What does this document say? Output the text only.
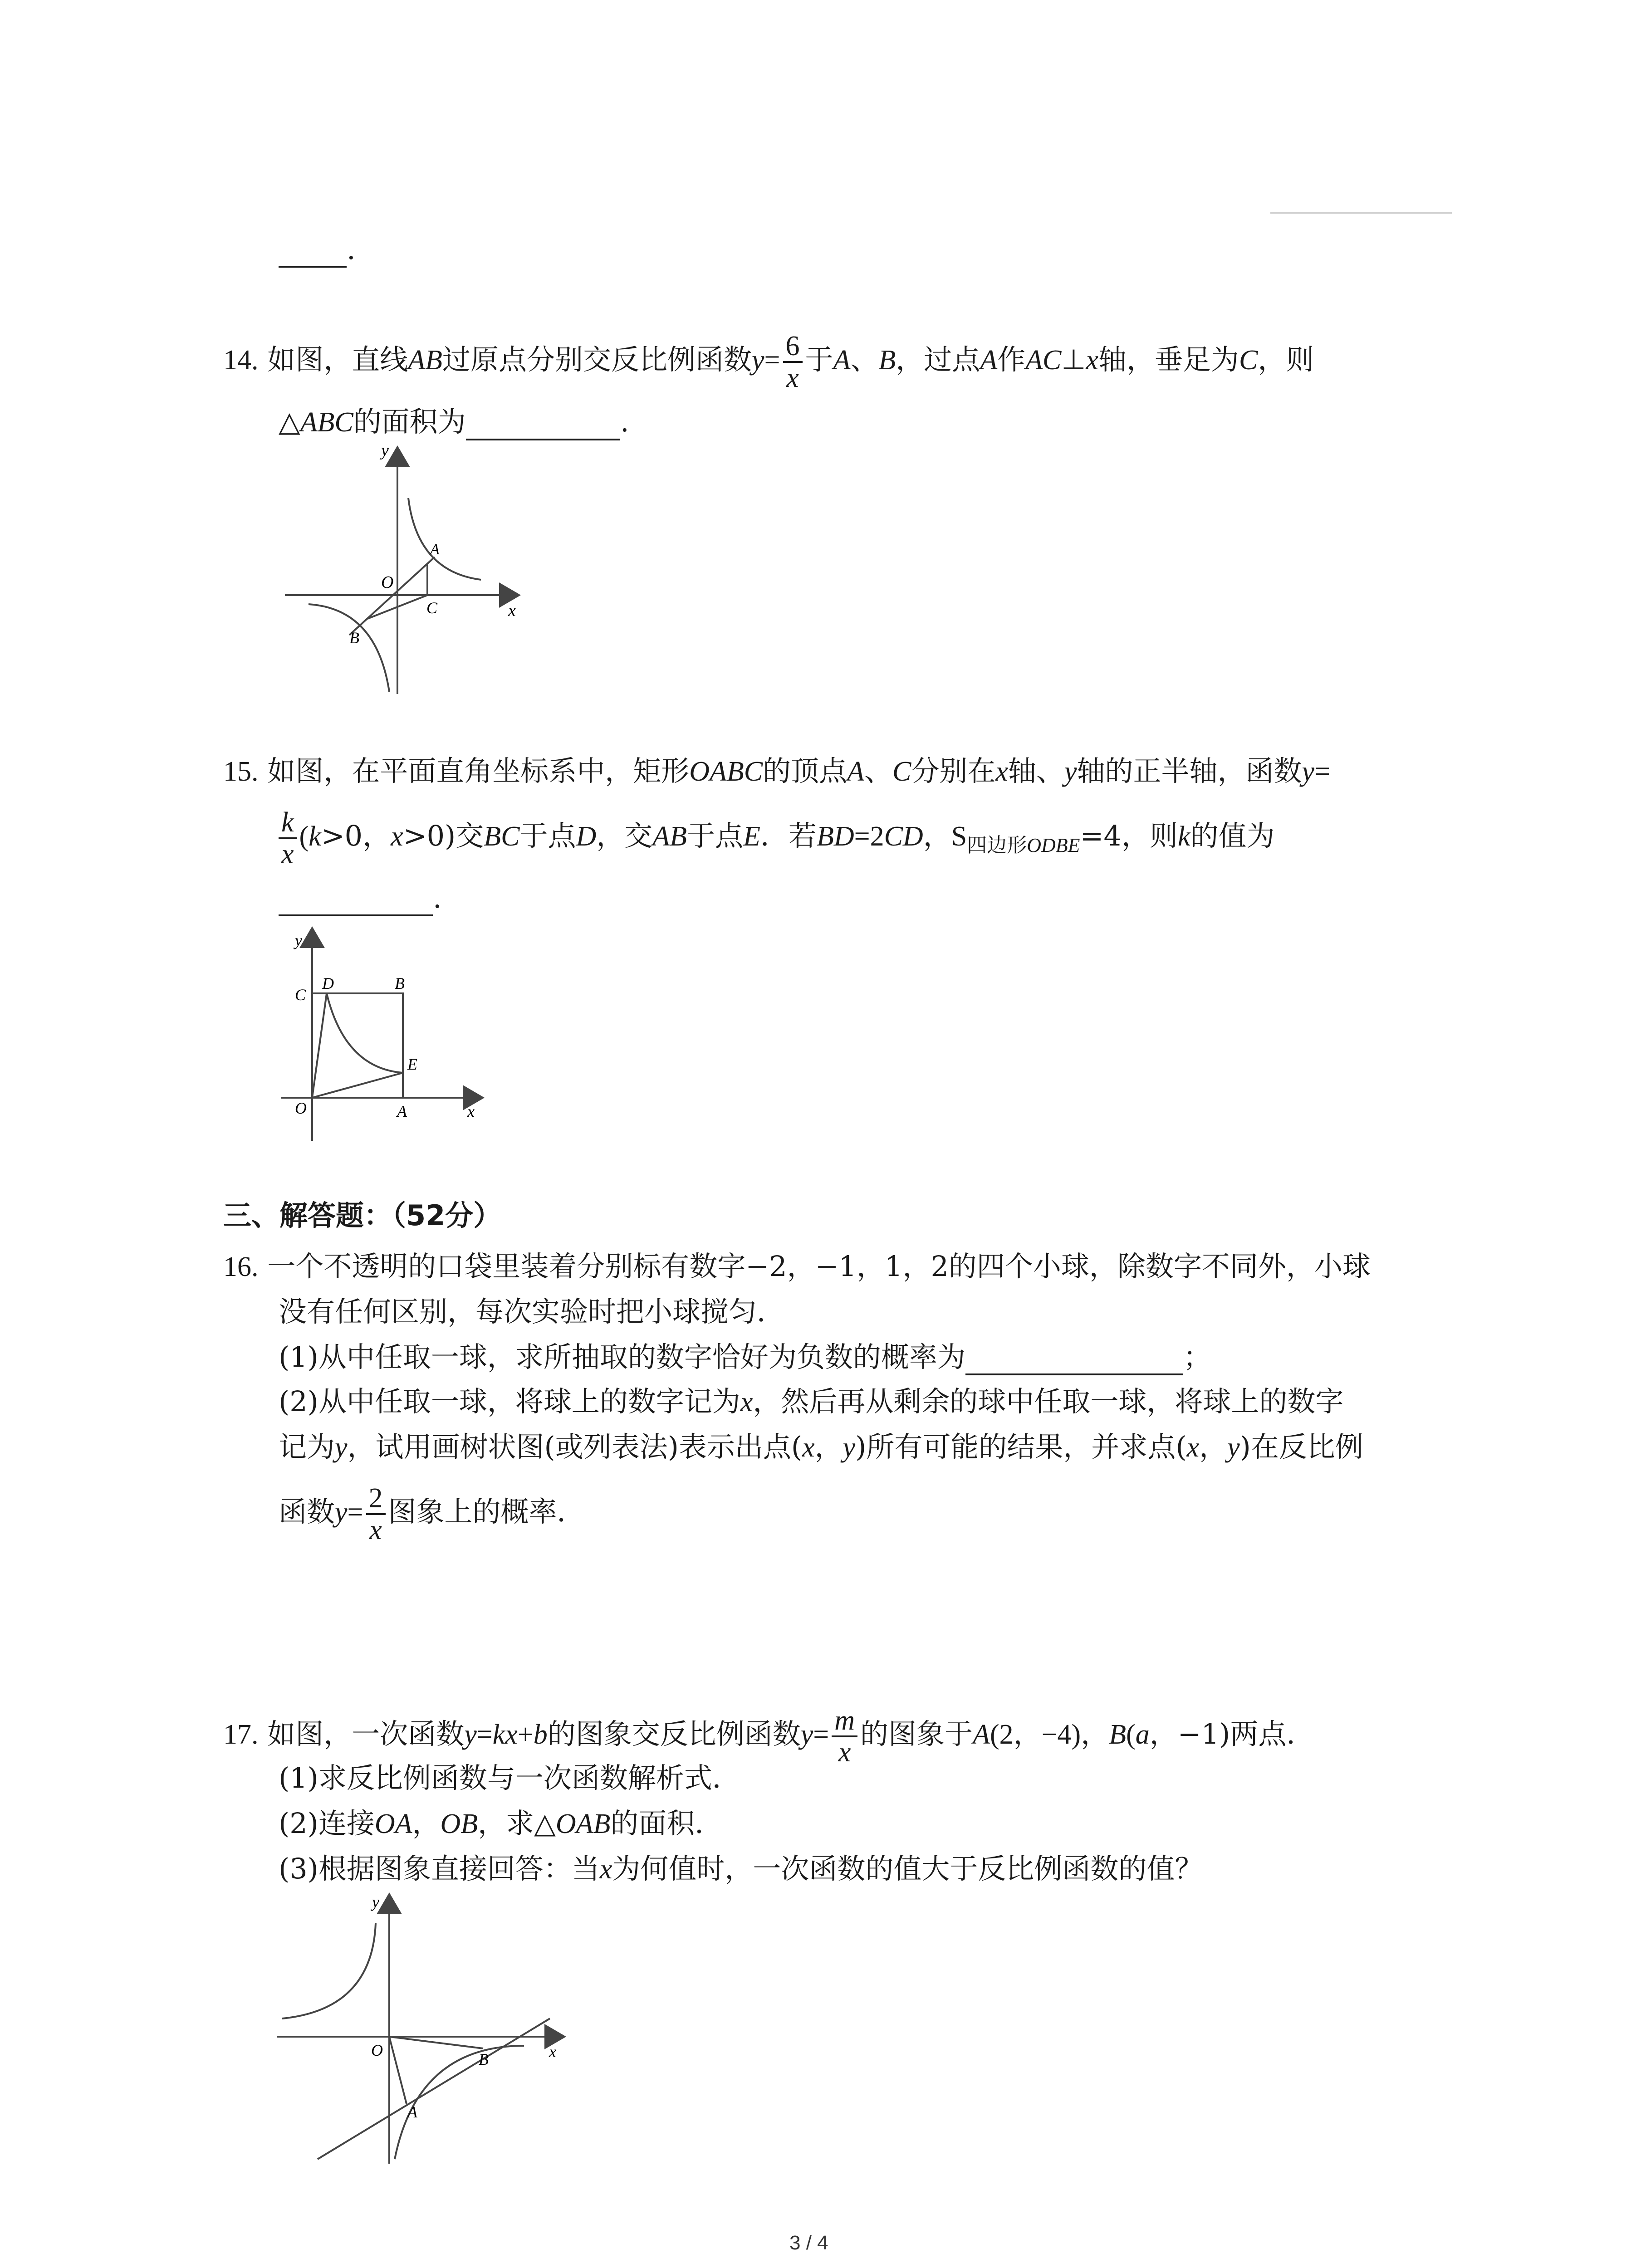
.
14. 如图，直线AB过原点分别交反比例函数$y= \frac{6}{x}$ 于A、B，过点A作AC⊥x轴，垂足为C，则
△ABC的面积为	.
y
x
O
A
B
C
15. 如图，在平面直角坐标系中，矩形OABC的顶点A、C分别在x轴、y轴的正半轴，函数y=
$\frac{k}{x} (k>0$，x>0)交BC于点D，交AB于点E．若BD=2CD，$S_{四边形ODBE}=4$，则k的值为
.
y
x
O	A
B
C
D
E
三、解答题：（52分）
16. 一个不透明的口袋里装着分别标有数字−2，−1，1，2的四个小球，除数字不同外，小球
没有任何区别，每次实验时把小球搅匀．
(1)从中任取一球，求所抽取的数字恰好为负数的概率为	；
(2)从中任取一球，将球上的数字记为x，然后再从剩余的球中任取一球，将球上的数字
记为y，试用画树状图(或列表法)表示出点(x，y)所有可能的结果，并求点(x，y)在反比例
函数$y= \frac{2}{x}$ 图象上的概率．
17. 如图，一次函数y=kx+b的图象交反比例函数$y= \frac{m}{x}$ 的图象于A(2，−4)，B(a，−1)两点．
(1)求反比例函数与一次函数解析式．
(2)连接OA，OB，求△OAB的面积．
(3)根据图象直接回答：当x为何值时，一次函数的值大于反比例函数的值？
y
x
O
A
B
3 / 4
